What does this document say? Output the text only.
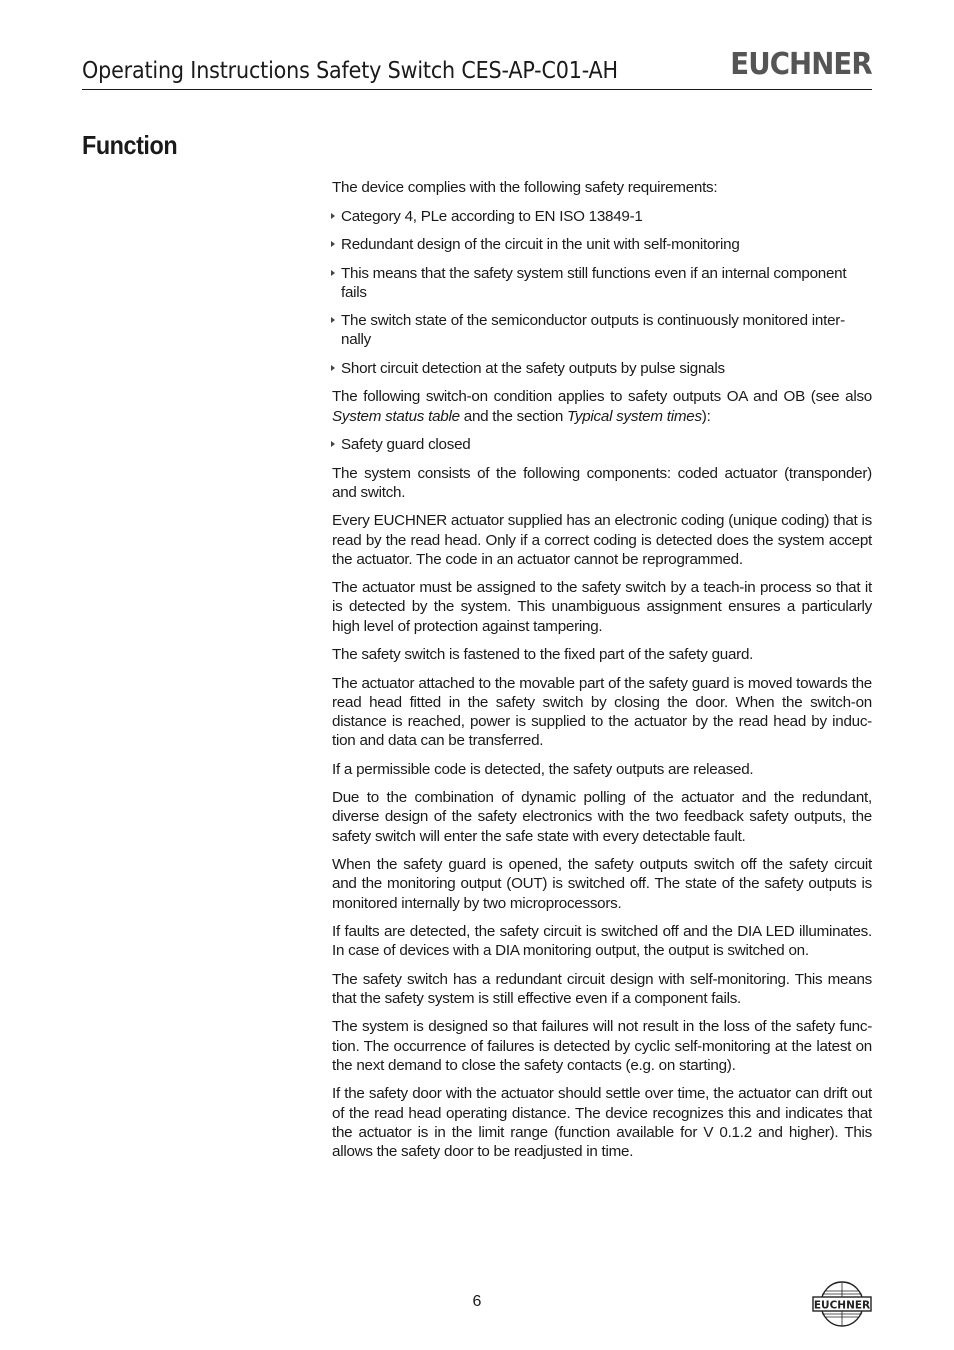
Operating Instructions Safety Switch CES-AP-C01-AH	EUCHNER
Function

The device complies with the following safety requirements:

Category 4, PLe according to EN ISO 13849-1
Redundant design of the circuit in the unit with self-monitoring
This means that the safety system still functions even if an internal component fails
The switch state of the semiconductor outputs is continuously monitored inter-nally
Short circuit detection at the safety outputs by pulse signals

The following switch-on condition applies to safety outputs OA and OB (see also System status table and the section Typical system times):

Safety guard closed

The system consists of the following components: coded actuator (transponder) and switch.

Every EUCHNER actuator supplied has an electronic coding (unique coding) that is read by the read head. Only if a correct coding is detected does the system accept the actuator. The code in an actuator cannot be reprogrammed.

The actuator must be assigned to the safety switch by a teach-in process so that it is detected by the system. This unambiguous assignment ensures a particularly high level of protection against tampering.

The safety switch is fastened to the fixed part of the safety guard.

The actuator attached to the movable part of the safety guard is moved towards the read head fitted in the safety switch by closing the door. When the switch-on distance is reached, power is supplied to the actuator by the read head by induc-tion and data can be transferred.

If a permissible code is detected, the safety outputs are released.

Due to the combination of dynamic polling of the actuator and the redundant, diverse design of the safety electronics with the two feedback safety outputs, the safety switch will enter the safe state with every detectable fault.

When the safety guard is opened, the safety outputs switch off the safety circuit and the monitoring output (OUT) is switched off. The state of the safety outputs is monitored internally by two microprocessors.

If faults are detected, the safety circuit is switched off and the DIA LED illuminates. In case of devices with a DIA monitoring output, the output is switched on.

The safety switch has a redundant circuit design with self-monitoring. This means that the safety system is still effective even if a component fails.

The system is designed so that failures will not result in the loss of the safety func-tion. The occurrence of failures is detected by cyclic self-monitoring at the latest on the next demand to close the safety contacts (e.g. on starting).

If the safety door with the actuator should settle over time, the actuator can drift out of the read head operating distance. The device recognizes this and indicates that the actuator is in the limit range (function available for V 0.1.2 and higher). This allows the safety door to be readjusted in time.

6	EUCHNER
